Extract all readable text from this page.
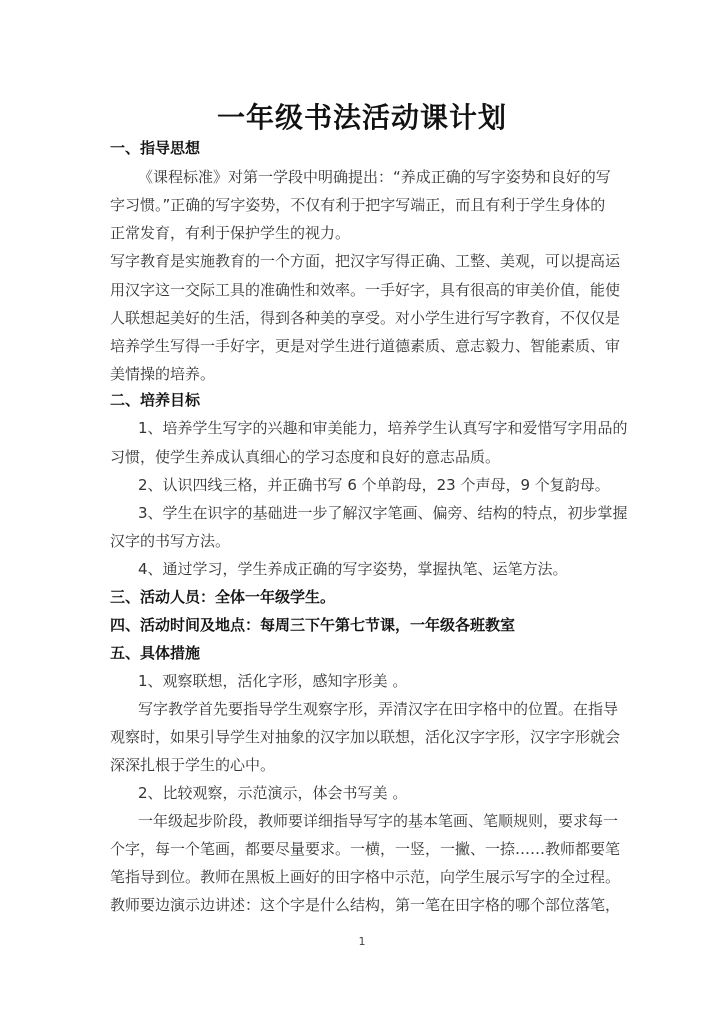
一年级书法活动课计划
一、指导思想
《课程标准》对第一学段中明确提出：“养成正确的写字姿势和良好的写
字习惯。”正确的写字姿势，不仅有利于把字写端正，而且有利于学生身体的
正常发育，有利于保护学生的视力。
写字教育是实施教育的一个方面，把汉字写得正确、工整、美观，可以提高运
用汉字这一交际工具的准确性和效率。一手好字，具有很高的审美价值，能使
人联想起美好的生活，得到各种美的享受。对小学生进行写字教育，不仅仅是
培养学生写得一手好字，更是对学生进行道德素质、意志毅力、智能素质、审
美情操的培养。
二、培养目标
1、培养学生写字的兴趣和审美能力，培养学生认真写字和爱惜写字用品的
习惯，使学生养成认真细心的学习态度和良好的意志品质。
2、认识四线三格，并正确书写 6 个单韵母，23 个声母，9 个复韵母。
3、学生在识字的基础进一步了解汉字笔画、偏旁、结构的特点，初步掌握
汉字的书写方法。
4、通过学习，学生养成正确的写字姿势，掌握执笔、运笔方法。
三、活动人员：全体一年级学生。
四、活动时间及地点：每周三下午第七节课，一年级各班教室
五、具体措施
1、观察联想，活化字形，感知字形美 。
写字教学首先要指导学生观察字形，弄清汉字在田字格中的位置。在指导
观察时，如果引导学生对抽象的汉字加以联想，活化汉字字形，汉字字形就会
深深扎根于学生的心中。
2、比较观察，示范演示，体会书写美 。
一年级起步阶段，教师要详细指导写字的基本笔画、笔顺规则，要求每一
个字，每一个笔画，都要尽量要求。一横，一竖，一撇、一捺……教师都要笔
笔指导到位。教师在黑板上画好的田字格中示范，向学生展示写字的全过程。
教师要边演示边讲述：这个字是什么结构，第一笔在田字格的哪个部位落笔，
1
